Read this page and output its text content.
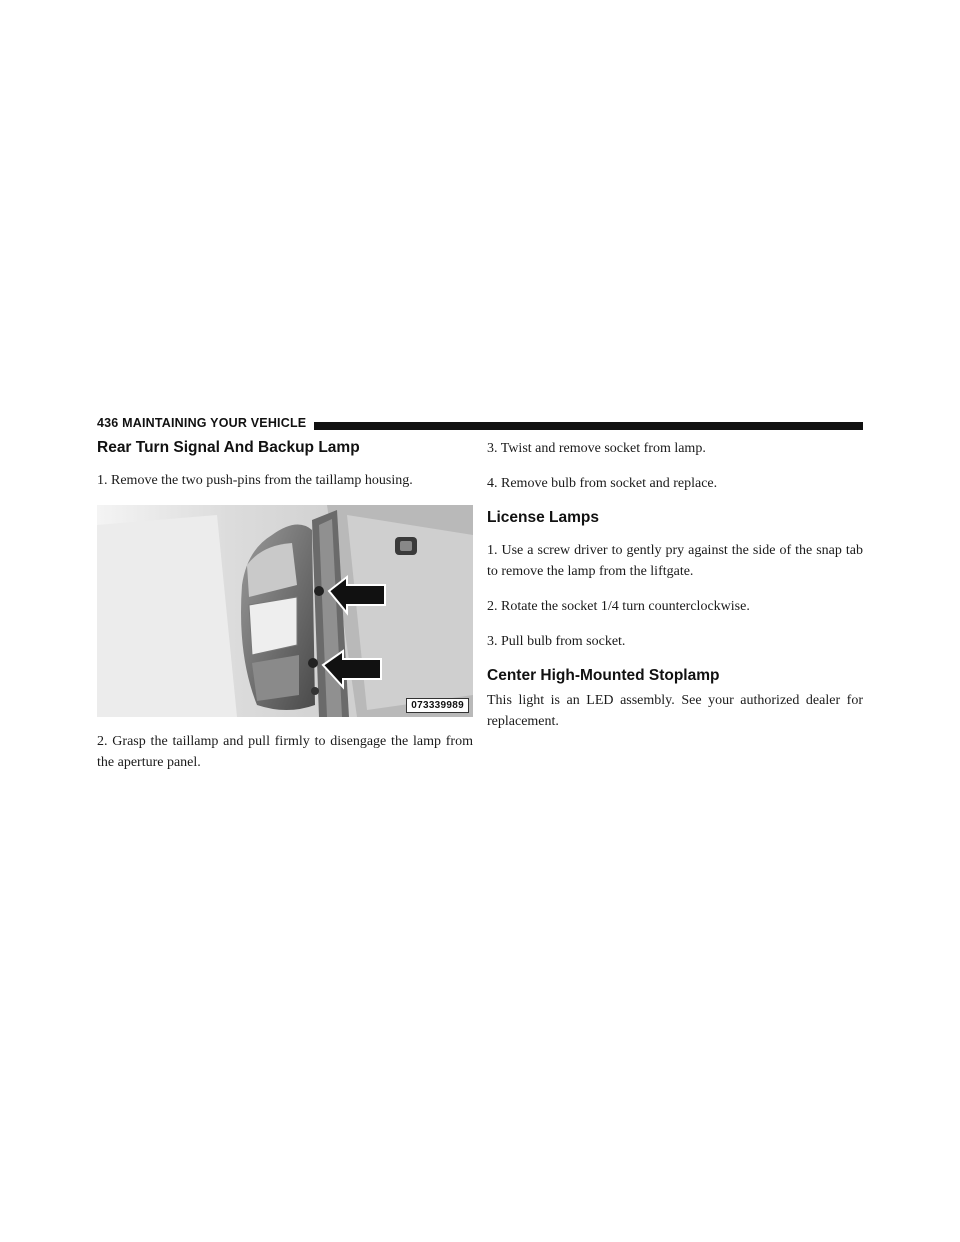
436 MAINTAINING YOUR VEHICLE
Rear Turn Signal And Backup Lamp

1. Remove the two push-pins from the taillamp housing.

073339989

2. Grasp the taillamp and pull firmly to disengage the lamp from the aperture panel.

3. Twist and remove socket from lamp.

4. Remove bulb from socket and replace.

License Lamps

1. Use a screw driver to gently pry against the side of the snap tab to remove the lamp from the liftgate.

2. Rotate the socket 1/4 turn counterclockwise.

3. Pull bulb from socket.

Center High-Mounted Stoplamp

This light is an LED assembly. See your authorized dealer for replacement.

carmanualsonline.info
